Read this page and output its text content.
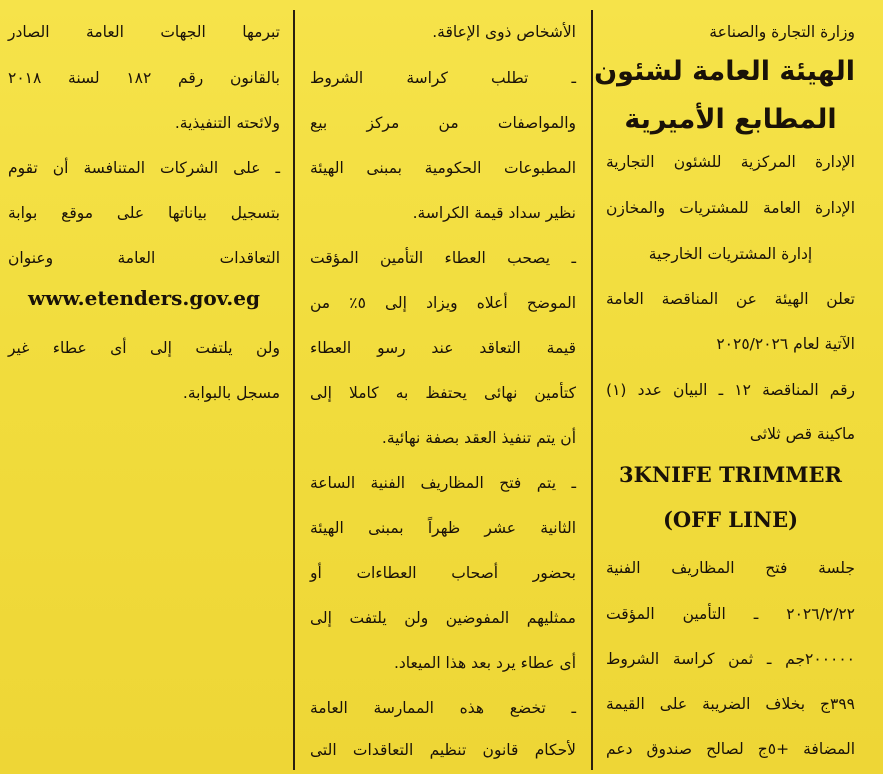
وزارة التجارة والصناعة
الهيئة العامة لشئون
المطابع الأميرية
الإدارة المركزية للشئون التجارية
الإدارة العامة للمشتريات والمخازن
إدارة المشتريات الخارجية
تعلن الهيئة عن المناقصة العامة
الآتية لعام ٢٠٢٥/٢٠٢٦
رقم المناقصة ١٢ ـ البيان عدد (١)
ماكينة قص ثلاثى
3KNIFE TRIMMER
(OFF LINE)
جلسة فتح المظاريف الفنية
٢٠٢٦/٢/٢٢ ـ التأمين المؤقت
٢٠٠٠٠٠جم ـ ثمن كراسة الشروط
٣٩٩ج بخلاف الضريبة على القيمة
المضافة +٥ج لصالح صندوق دعم
الأشخاص ذوى الإعاقة.
ـ تطلب كراسة الشروط
والمواصفات من مركز بيع
المطبوعات الحكومية بمبنى الهيئة
نظير سداد قيمة الكراسة.
ـ يصحب العطاء التأمين المؤقت
الموضح أعلاه ويزاد إلى ٥٪ من
قيمة التعاقد عند رسو العطاء
كتأمين نهائى يحتفظ به كاملا إلى
أن يتم تنفيذ العقد بصفة نهائية.
ـ يتم فتح المظاريف الفنية الساعة
الثانية عشر ظهراً بمبنى الهيئة
بحضور أصحاب العطاءات أو
ممثليهم المفوضين ولن يلتفت إلى
أى عطاء يرد بعد هذا الميعاد.
ـ تخضع هذه الممارسة العامة
لأحكام قانون تنظيم التعاقدات التى
تبرمها الجهات العامة الصادر
بالقانون رقم ١٨٢ لسنة ٢٠١٨
ولائحته التنفيذية.
ـ على الشركات المتنافسة أن تقوم
بتسجيل بياناتها على موقع بوابة
التعاقدات العامة وعنوان
www.etenders.gov.eg
ولن يلتفت إلى أى عطاء غير
مسجل بالبوابة.
